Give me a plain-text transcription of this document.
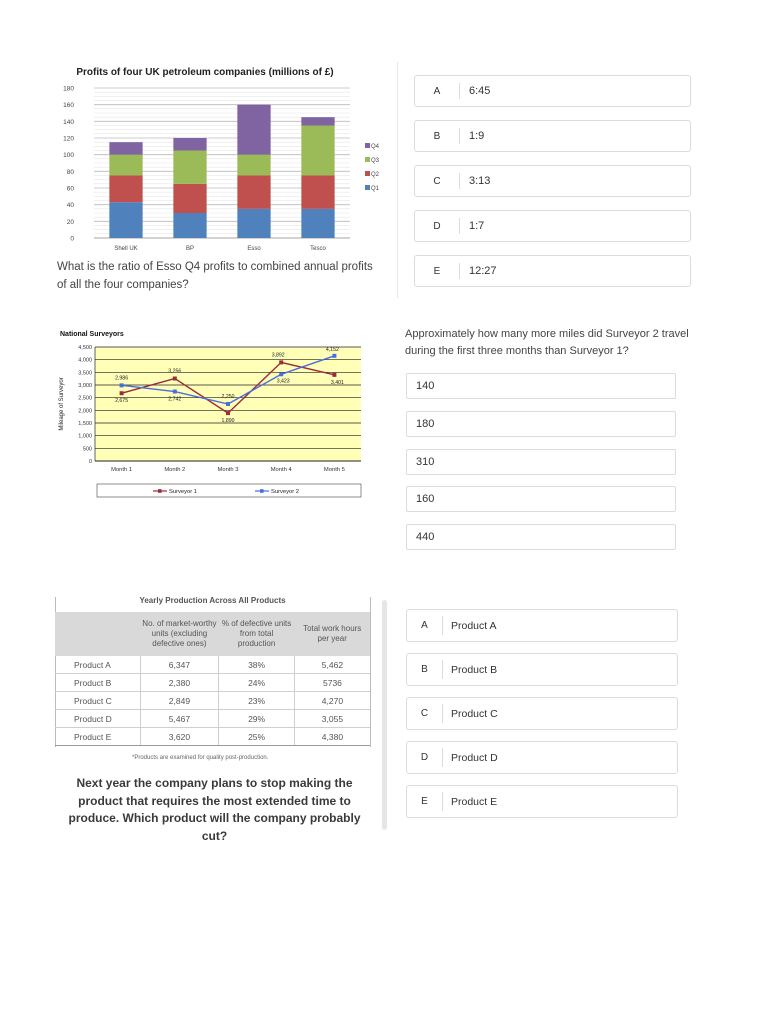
Profits of four UK petroleum companies (millions of £)
0
20
40
60
80
100
120
140
160
180
Shell UK	BP	Esso	Tesco
Q4
Q3
Q2
Q1
What is the ratio of Esso Q4 profits to combined annual profits of all the four companies?
A	6:45
B	1:9
C	3:13
D	1:7
E	12:27
National Surveyors
Mileage of Surveyor
0
500
1,000
1,500
2,000
2,500
3,000
3,500
4,000
4,500
Month 1	Month 2	Month 3	Month 4	Month 5
2,675
3,256
1,890
3,892
3,401
2,986
2,742	2,250
3,423
4,152
Surveyor 1	Surveyor 2
Approximately how many more miles did Surveyor 2 travel during the first three months than Surveyor 1?
140
180
310
160
440
Yearly Production Across All Products
	No. of market-worthy units (excluding defective ones)	% of defective units from total production	Total work hours per year
Product A	6,347	38%	5,462
Product B	2,380	24%	5736
Product C	2,849	23%	4,270
Product D	5,467	29%	3,055
Product E	3,620	25%	4,380
*Products are examined for quality post-production.
Next year the company plans to stop making the product that requires the most extended time to produce. Which product will the company probably cut?
A	Product A
B	Product B
C	Product C
D	Product D
E	Product E
